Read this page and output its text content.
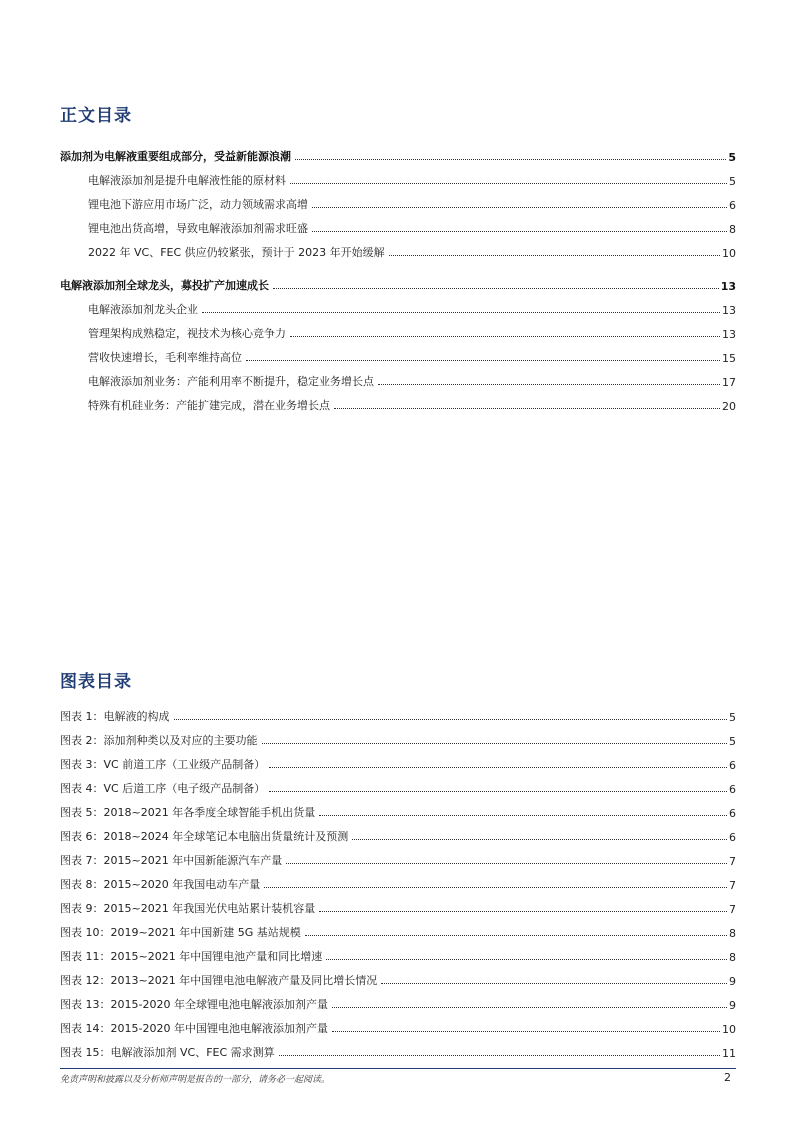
正文目录
添加剂为电解液重要组成部分，受益新能源浪潮	5
电解液添加剂是提升电解液性能的原材料	5
锂电池下游应用市场广泛，动力领域需求高增	6
锂电池出货高增，导致电解液添加剂需求旺盛	8
2022 年 VC、FEC 供应仍较紧张，预计于 2023 年开始缓解	10
电解液添加剂全球龙头，募投扩产加速成长	13
电解液添加剂龙头企业	13
管理架构成熟稳定，视技术为核心竞争力	13
营收快速增长，毛利率维持高位	15
电解液添加剂业务：产能利用率不断提升，稳定业务增长点	17
特殊有机硅业务：产能扩建完成，潜在业务增长点	20
图表目录
图表 1：电解液的构成	5
图表 2：添加剂种类以及对应的主要功能	5
图表 3：VC 前道工序（工业级产品制备）	6
图表 4：VC 后道工序（电子级产品制备）	6
图表 5：2018~2021 年各季度全球智能手机出货量	6
图表 6：2018~2024 年全球笔记本电脑出货量统计及预测	6
图表 7：2015~2021 年中国新能源汽车产量	7
图表 8：2015~2020 年我国电动车产量	7
图表 9：2015~2021 年我国光伏电站累计装机容量	7
图表 10：2019~2021 年中国新建 5G 基站规模	8
图表 11：2015~2021 年中国锂电池产量和同比增速	8
图表 12：2013~2021 年中国锂电池电解液产量及同比增长情况	9
图表 13：2015-2020 年全球锂电池电解液添加剂产量	9
图表 14：2015-2020 年中国锂电池电解液添加剂产量	10
图表 15：电解液添加剂 VC、FEC 需求测算	11
免责声明和披露以及分析师声明是报告的一部分，请务必一起阅读。	2
